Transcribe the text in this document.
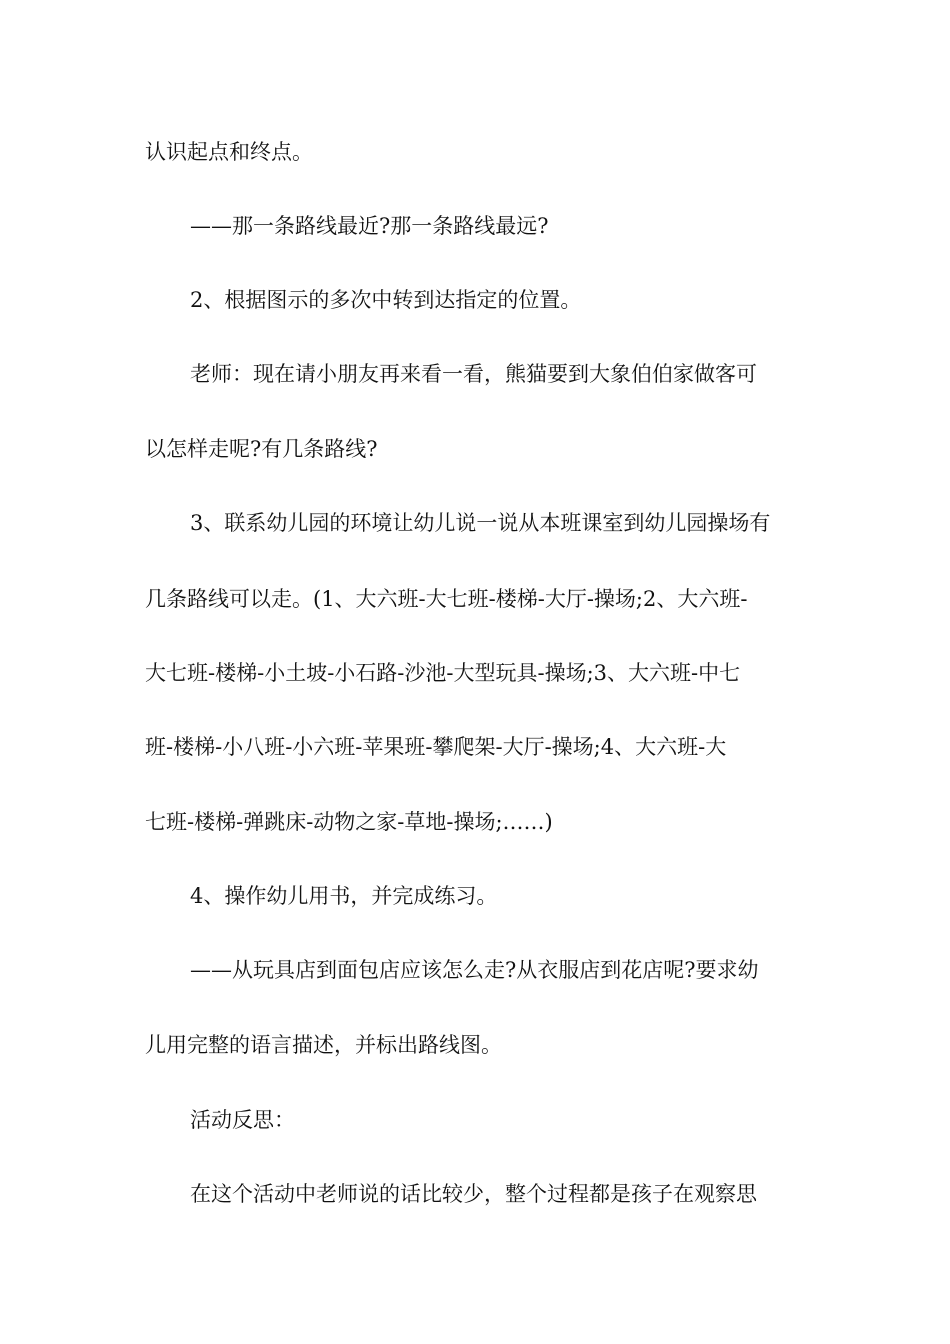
认识起点和终点。
——那一条路线最近?那一条路线最远?
2、根据图示的多次中转到达指定的位置。
老师：现在请小朋友再来看一看，熊猫要到大象伯伯家做客可
以怎样走呢?有几条路线?
3、联系幼儿园的环境让幼儿说一说从本班课室到幼儿园操场有
几条路线可以走。(1、大六班-大七班-楼梯-大厅-操场;2、大六班-
大七班-楼梯-小土坡-小石路-沙池-大型玩具-操场;3、大六班-中七
班-楼梯-小八班-小六班-苹果班-攀爬架-大厅-操场;4、大六班-大
七班-楼梯-弹跳床-动物之家-草地-操场;……)
4、操作幼儿用书，并完成练习。
——从玩具店到面包店应该怎么走?从衣服店到花店呢?要求幼
儿用完整的语言描述，并标出路线图。
活动反思：
在这个活动中老师说的话比较少，整个过程都是孩子在观察思
